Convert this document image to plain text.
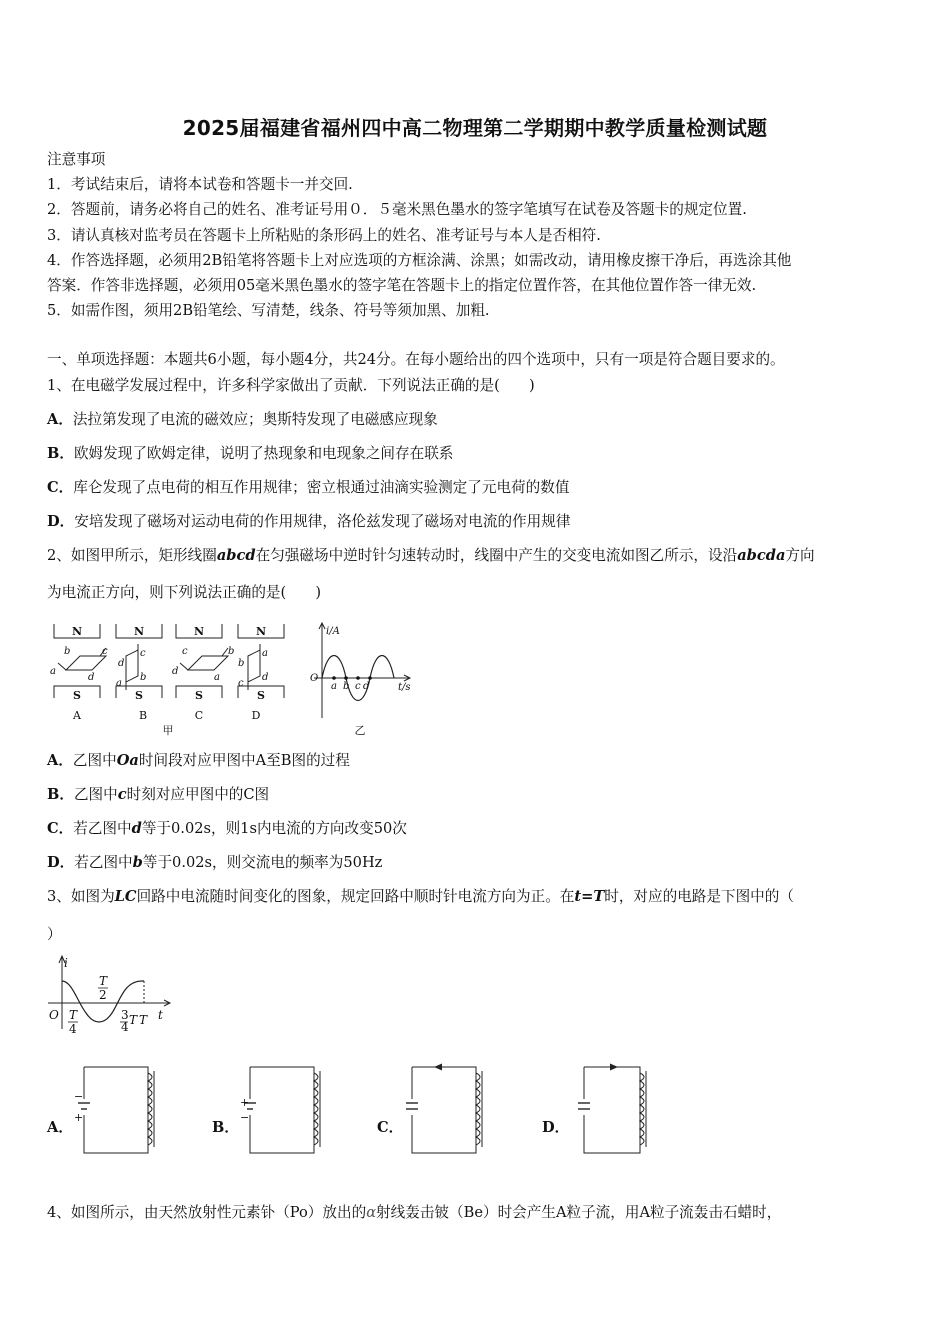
2025届福建省福州四中高二物理第二学期期中教学质量检测试题
注意事项
1．考试结束后，请将本试卷和答题卡一并交回.
2．答题前，请务必将自己的姓名、准考证号用０．５毫米黑色墨水的签字笔填写在试卷及答题卡的规定位置.
3．请认真核对监考员在答题卡上所粘贴的条形码上的姓名、准考证号与本人是否相符.
4．作答选择题，必须用2B铅笔将答题卡上对应选项的方框涂满、涂黑；如需改动，请用橡皮擦干净后，再选涂其他
答案．作答非选择题，必须用05毫米黑色墨水的签字笔在答题卡上的指定位置作答，在其他位置作答一律无效.
5．如需作图，须用2B铅笔绘、写清楚，线条、符号等须加黑、加粗.
一、单项选择题：本题共6小题，每小题4分，共24分。在每小题给出的四个选项中，只有一项是符合题目要求的。
1、在电磁学发展过程中，许多科学家做出了贡献．下列说法正确的是(　　)
A．法拉第发现了电流的磁效应；奥斯特发现了电磁感应现象
B．欧姆发现了欧姆定律，说明了热现象和电现象之间存在联系
C．库仑发现了点电荷的相互作用规律；密立根通过油滴实验测定了元电荷的数值
D．安培发现了磁场对运动电荷的作用规律，洛伦兹发现了磁场对电流的作用规律
2、如图甲所示，矩形线圈abcd在匀强磁场中逆时针匀速转动时，线圈中产生的交变电流如图乙所示，设沿abcda方向
为电流正方向，则下列说法正确的是(　　)
N	N	N	N
S	S	S	S
A	B	C	D
甲
a
b	c
d
d
c
a
b
d
c	b
a
b
a
c
d
i/A
t/s
O
a b c d
乙
A．乙图中Oa时间段对应甲图中A至B图的过程
B．乙图中c时刻对应甲图中的C图
C．若乙图中d等于0.02s，则1s内电流的方向改变50次
D．若乙图中b等于0.02s，则交流电的频率为50Hz
3、如图为LC回路中电流随时间变化的图象，规定回路中顺时针电流方向为正。在t=T时，对应的电路是下图中的（
）
i
t
O
T
2
T
4
3
4 T T
A．	B．	C．	D．
−
+
+
−
4、如图所示，由天然放射性元素钋（Po）放出的α射线轰击铍（Be）时会产生A粒子流，用A粒子流轰击石蜡时，
